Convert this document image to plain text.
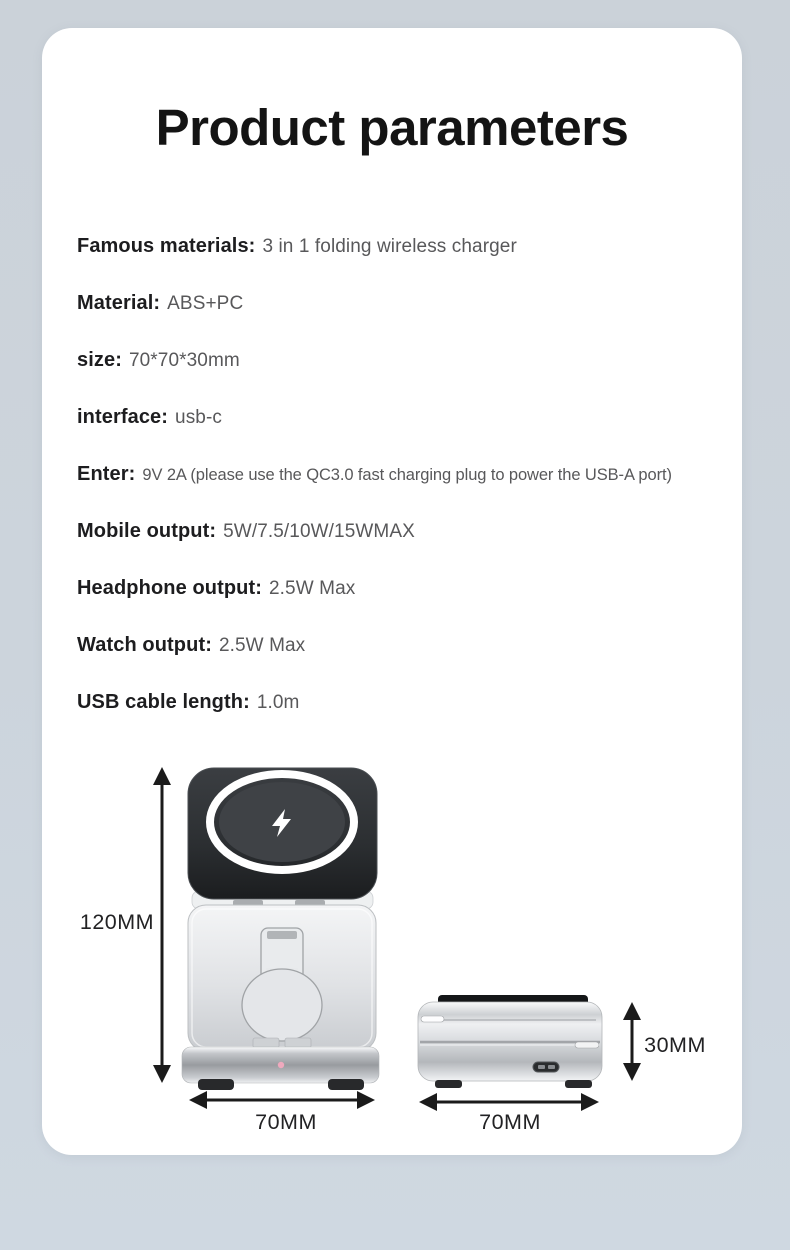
Product parameters
Famous materials: 3 in 1 folding wireless charger
Material: ABS+PC
size: 70*70*30mm
interface: usb-c
Enter: 9V 2A (please use the QC3.0 fast charging plug to power the USB-A port)
Mobile output: 5W/7.5/10W/15WMAX
Headphone output: 2.5W Max
Watch output: 2.5W Max
USB cable length: 1.0m
120MM
70MM
30MM
70MM
